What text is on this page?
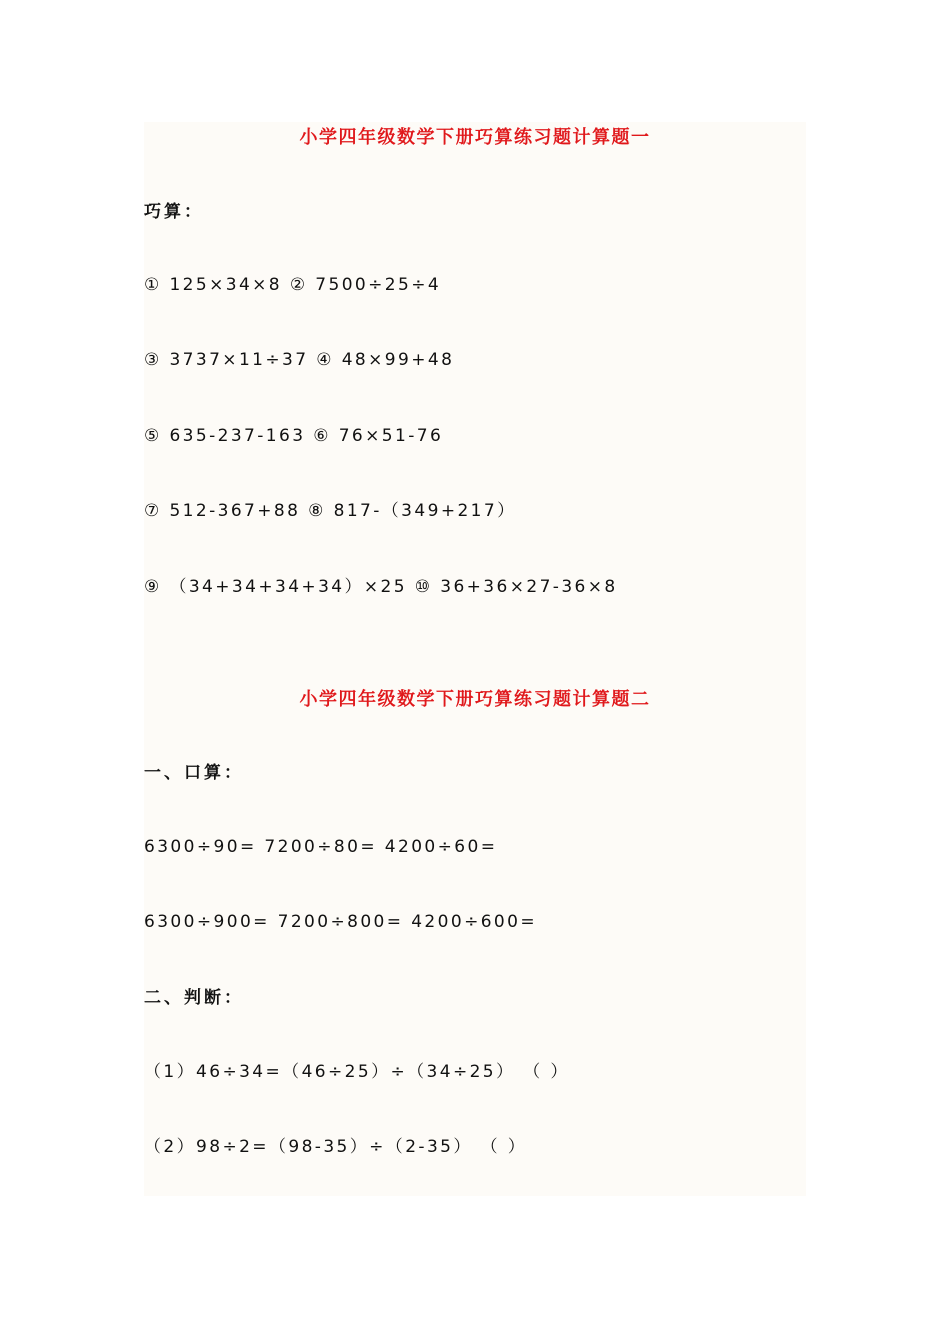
小学四年级数学下册巧算练习题计算题一
巧算：
① 125×34×8 ② 7500÷25÷4
③ 3737×11÷37 ④ 48×99+48
⑤ 635-237-163 ⑥ 76×51-76
⑦ 512-367+88 ⑧ 817-（349+217）
⑨ （34+34+34+34）×25 ⑩ 36+36×27-36×8
小学四年级数学下册巧算练习题计算题二
一、口算：
6300÷90= 7200÷80= 4200÷60=
6300÷900= 7200÷800= 4200÷600=
二、判断：
（1）46÷34=（46÷25）÷（34÷25） （ ）
（2）98÷2=（98-35）÷（2-35） （ ）
